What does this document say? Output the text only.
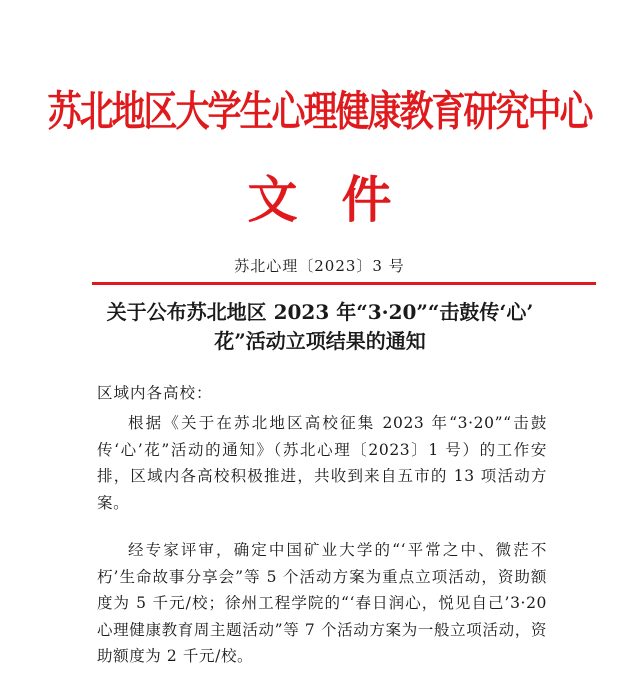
苏北地区大学生心理健康教育研究中心
文件
苏北心理〔2023〕3 号
关于公布苏北地区 2023 年“3·20”“击鼓传‘心’
花”活动立项结果的通知
区域内各高校：
根据《关于在苏北地区高校征集 2023 年“3·20”“击鼓传‘心’花”活动的通知》（苏北心理〔2023〕1 号）的工作安排，区域内各高校积极推进，共收到来自五市的 13 项活动方案。
经专家评审，确定中国矿业大学的“‘平常之中、微茫不朽’生命故事分享会”等 5 个活动方案为重点立项活动，资助额度为 5 千元/校；徐州工程学院的“‘春日润心，悦见自己’3·20 心理健康教育周主题活动”等 7 个活动方案为一般立项活动，资助额度为 2 千元/校。
